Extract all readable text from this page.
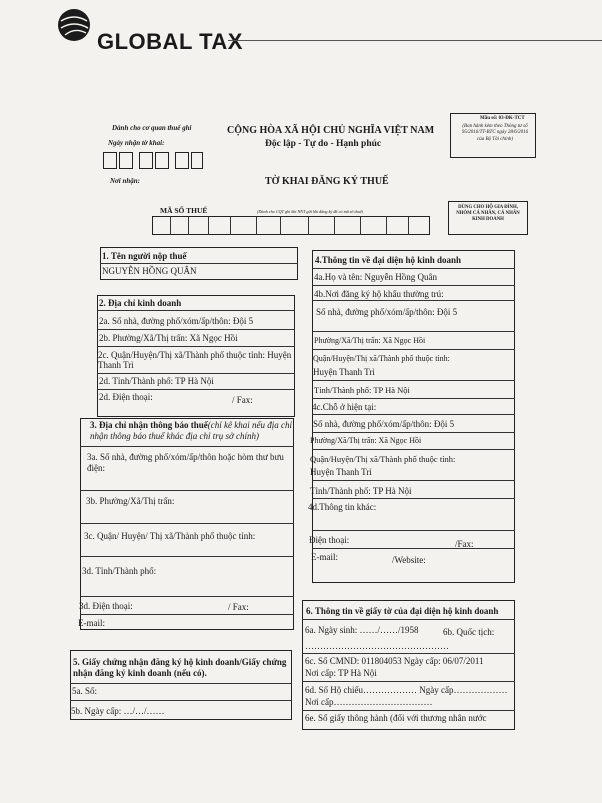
GLOBAL TAX
Dành cho cơ quan thuế ghi
Ngày nhận tờ khai:
Nơi nhận:
CỘNG HÒA XÃ HỘI CHỦ NGHĨA VIỆT NAM
Độc lập - Tự do - Hạnh phúc
TỜ KHAI ĐĂNG KÝ THUẾ
Mẫu số: 03-ĐK-TCT
(Ban hành kèm theo Thông tư số 95/2016/TT-BTC ngày 28/6/2016 của Bộ Tài chính)
MÃ SỐ THUẾ	(Dành cho CQT ghi khi NNT gửi khi đăng ký đã có mã số thuế)
DÙNG CHO HỘ GIA ĐÌNH, NHÓM CÁ NHÂN, CÁ NHÂN KINH DOANH
1. Tên người nộp thuế
NGUYỄN HỒNG QUÂN
2. Địa chỉ kinh doanh
2a. Số nhà, đường phố/xóm/ấp/thôn: Đội 5
2b. Phường/Xã/Thị trấn: Xã Ngọc Hồi
2c. Quận/Huyện/Thị xã/Thành phố thuộc tỉnh: Huyện Thanh Trì
2d. Tỉnh/Thành phố: TP Hà Nội
2d. Điện thoại:	/ Fax:
3. Địa chỉ nhận thông báo thuế(chỉ kê khai nếu địa chỉ nhận thông báo thuế khác địa chỉ trụ sở chính)
3a. Số nhà, đường phố/xóm/ấp/thôn hoặc hòm thư bưu điện:
3b. Phường/Xã/Thị trấn:
3c. Quận/ Huyện/ Thị xã/Thành phố thuộc tỉnh:
3d. Tỉnh/Thành phố:
3d. Điện thoại:	/ Fax:
E-mail:
5. Giấy chứng nhận đăng ký hộ kinh doanh/Giấy chứng nhận đăng ký kinh doanh (nếu có).
5a. Số:
5b. Ngày cấp: …/…/……
4.Thông tin về đại diện hộ kinh doanh
4a.Họ và tên: Nguyễn Hồng Quân
4b.Nơi đăng ký hộ khẩu thường trú:
Số nhà, đường phố/xóm/ấp/thôn: Đội 5
Phường/Xã/Thị trấn: Xã Ngọc Hồi
Quận/Huyện/Thị xã/Thành phố thuộc tỉnh:
Huyện Thanh Trì
Tỉnh/Thành phố: TP Hà Nội
4c.Chỗ ở hiện tại:
Số nhà, đường phố/xóm/ấp/thôn: Đội 5
Phường/Xã/Thị trấn: Xã Ngọc Hồi
Quận/Huyện/Thị xã/Thành phố thuộc tỉnh:
Huyện Thanh Trì
Tỉnh/Thành phố: TP Hà Nội
4d.Thông tin khác:
Điện thoại:	/Fax:
E-mail:	/Website:
6. Thông tin về giấy tờ của đại diện hộ kinh doanh
6a. Ngày sinh: ……/……/1958	6b. Quốc tịch:
…………………………………………
6c. Số CMND: 011804053 Ngày cấp: 06/07/2011
Nơi cấp: TP Hà Nội
6d. Số Hộ chiếu……………… Ngày cấp………………
Nơi cấp……………………………
6e. Số giấy thông hành (đối với thương nhân nước
